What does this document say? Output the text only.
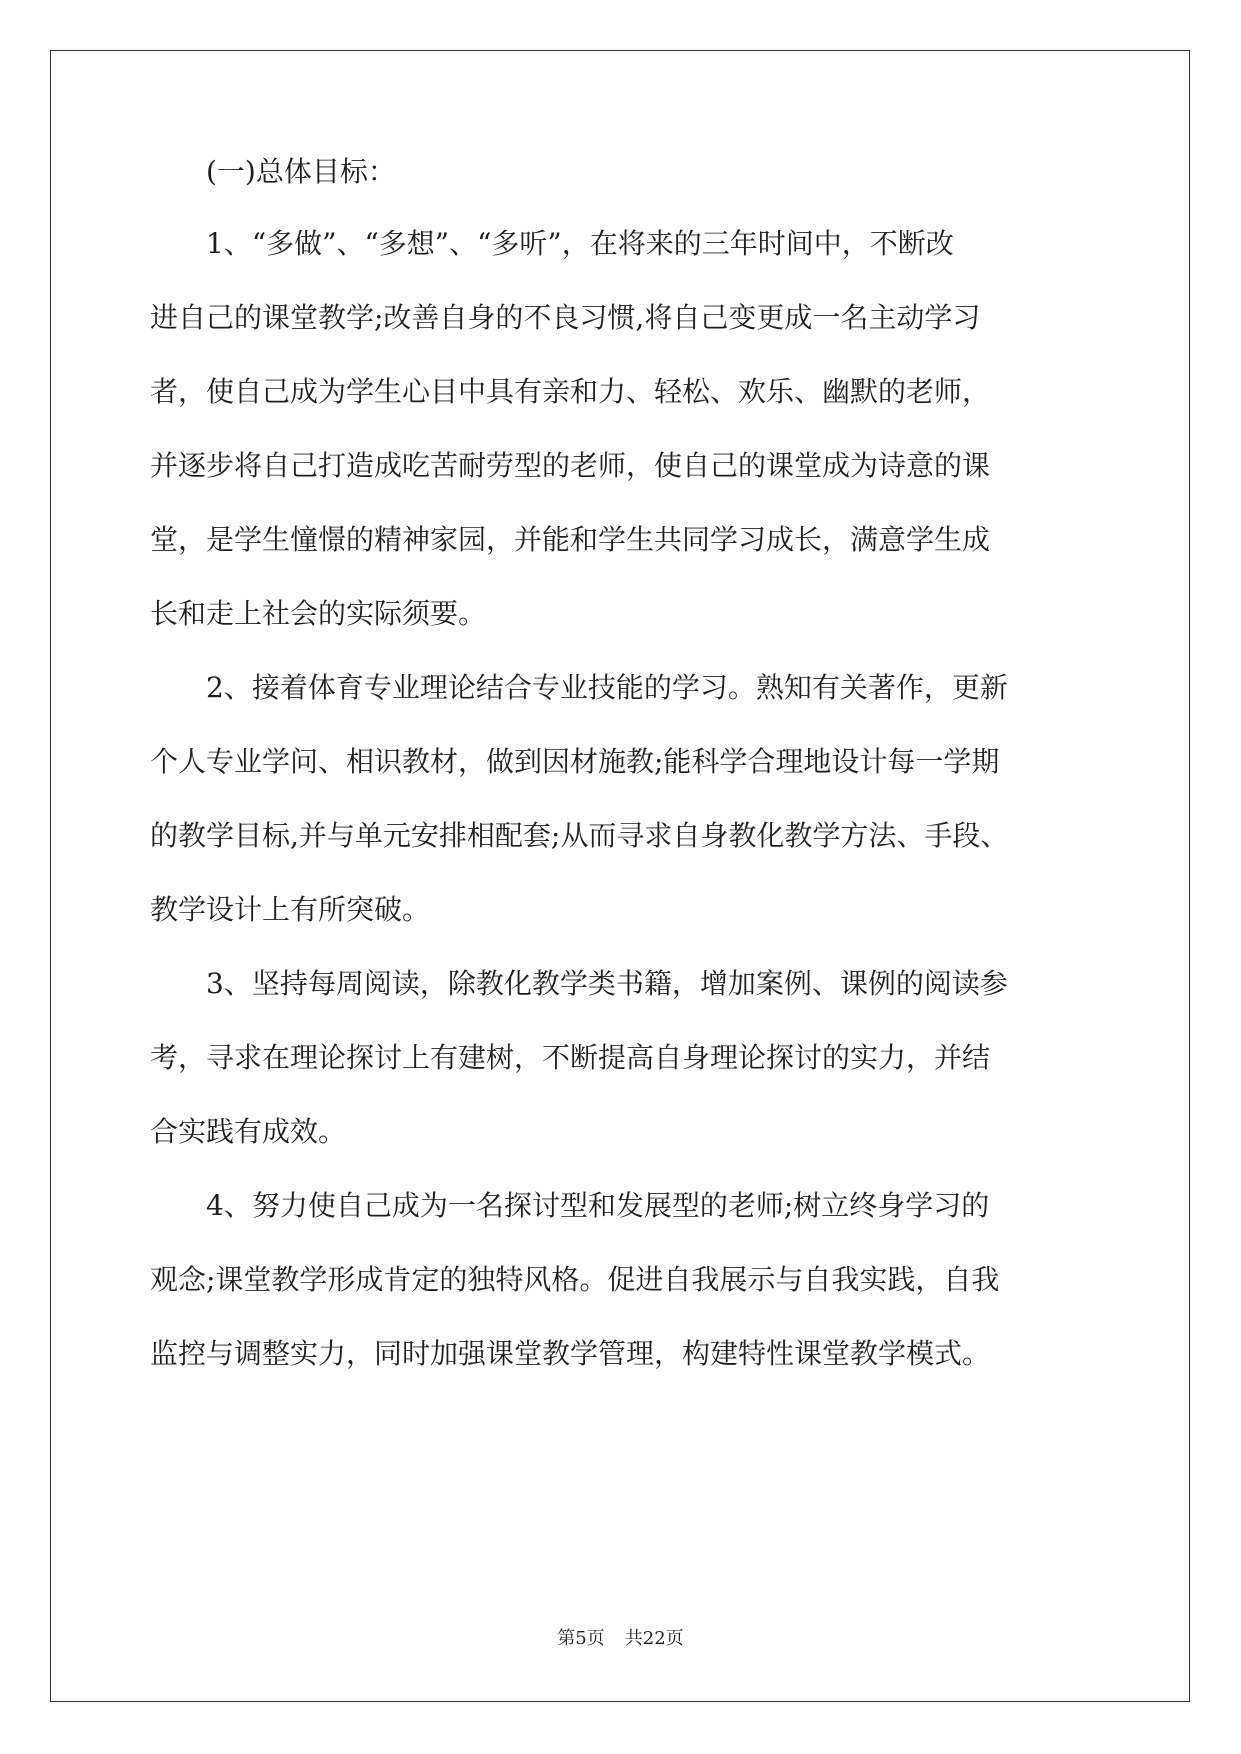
(一)总体目标：
1、“多做”、“多想”、“多听”，在将来的三年时间中，不断改
进自己的课堂教学;改善自身的不良习惯,将自己变更成一名主动学习
者，使自己成为学生心目中具有亲和力、轻松、欢乐、幽默的老师，
并逐步将自己打造成吃苦耐劳型的老师，使自己的课堂成为诗意的课
堂，是学生憧憬的精神家园，并能和学生共同学习成长，满意学生成
长和走上社会的实际须要。
2、接着体育专业理论结合专业技能的学习。熟知有关著作，更新
个人专业学问、相识教材，做到因材施教;能科学合理地设计每一学期
的教学目标,并与单元安排相配套;从而寻求自身教化教学方法、手段、
教学设计上有所突破。
3、坚持每周阅读，除教化教学类书籍，增加案例、课例的阅读参
考，寻求在理论探讨上有建树，不断提高自身理论探讨的实力，并结
合实践有成效。
4、努力使自己成为一名探讨型和发展型的老师;树立终身学习的
观念;课堂教学形成肯定的独特风格。促进自我展示与自我实践，自我
监控与调整实力，同时加强课堂教学管理，构建特性课堂教学模式。
第5页 共22页
